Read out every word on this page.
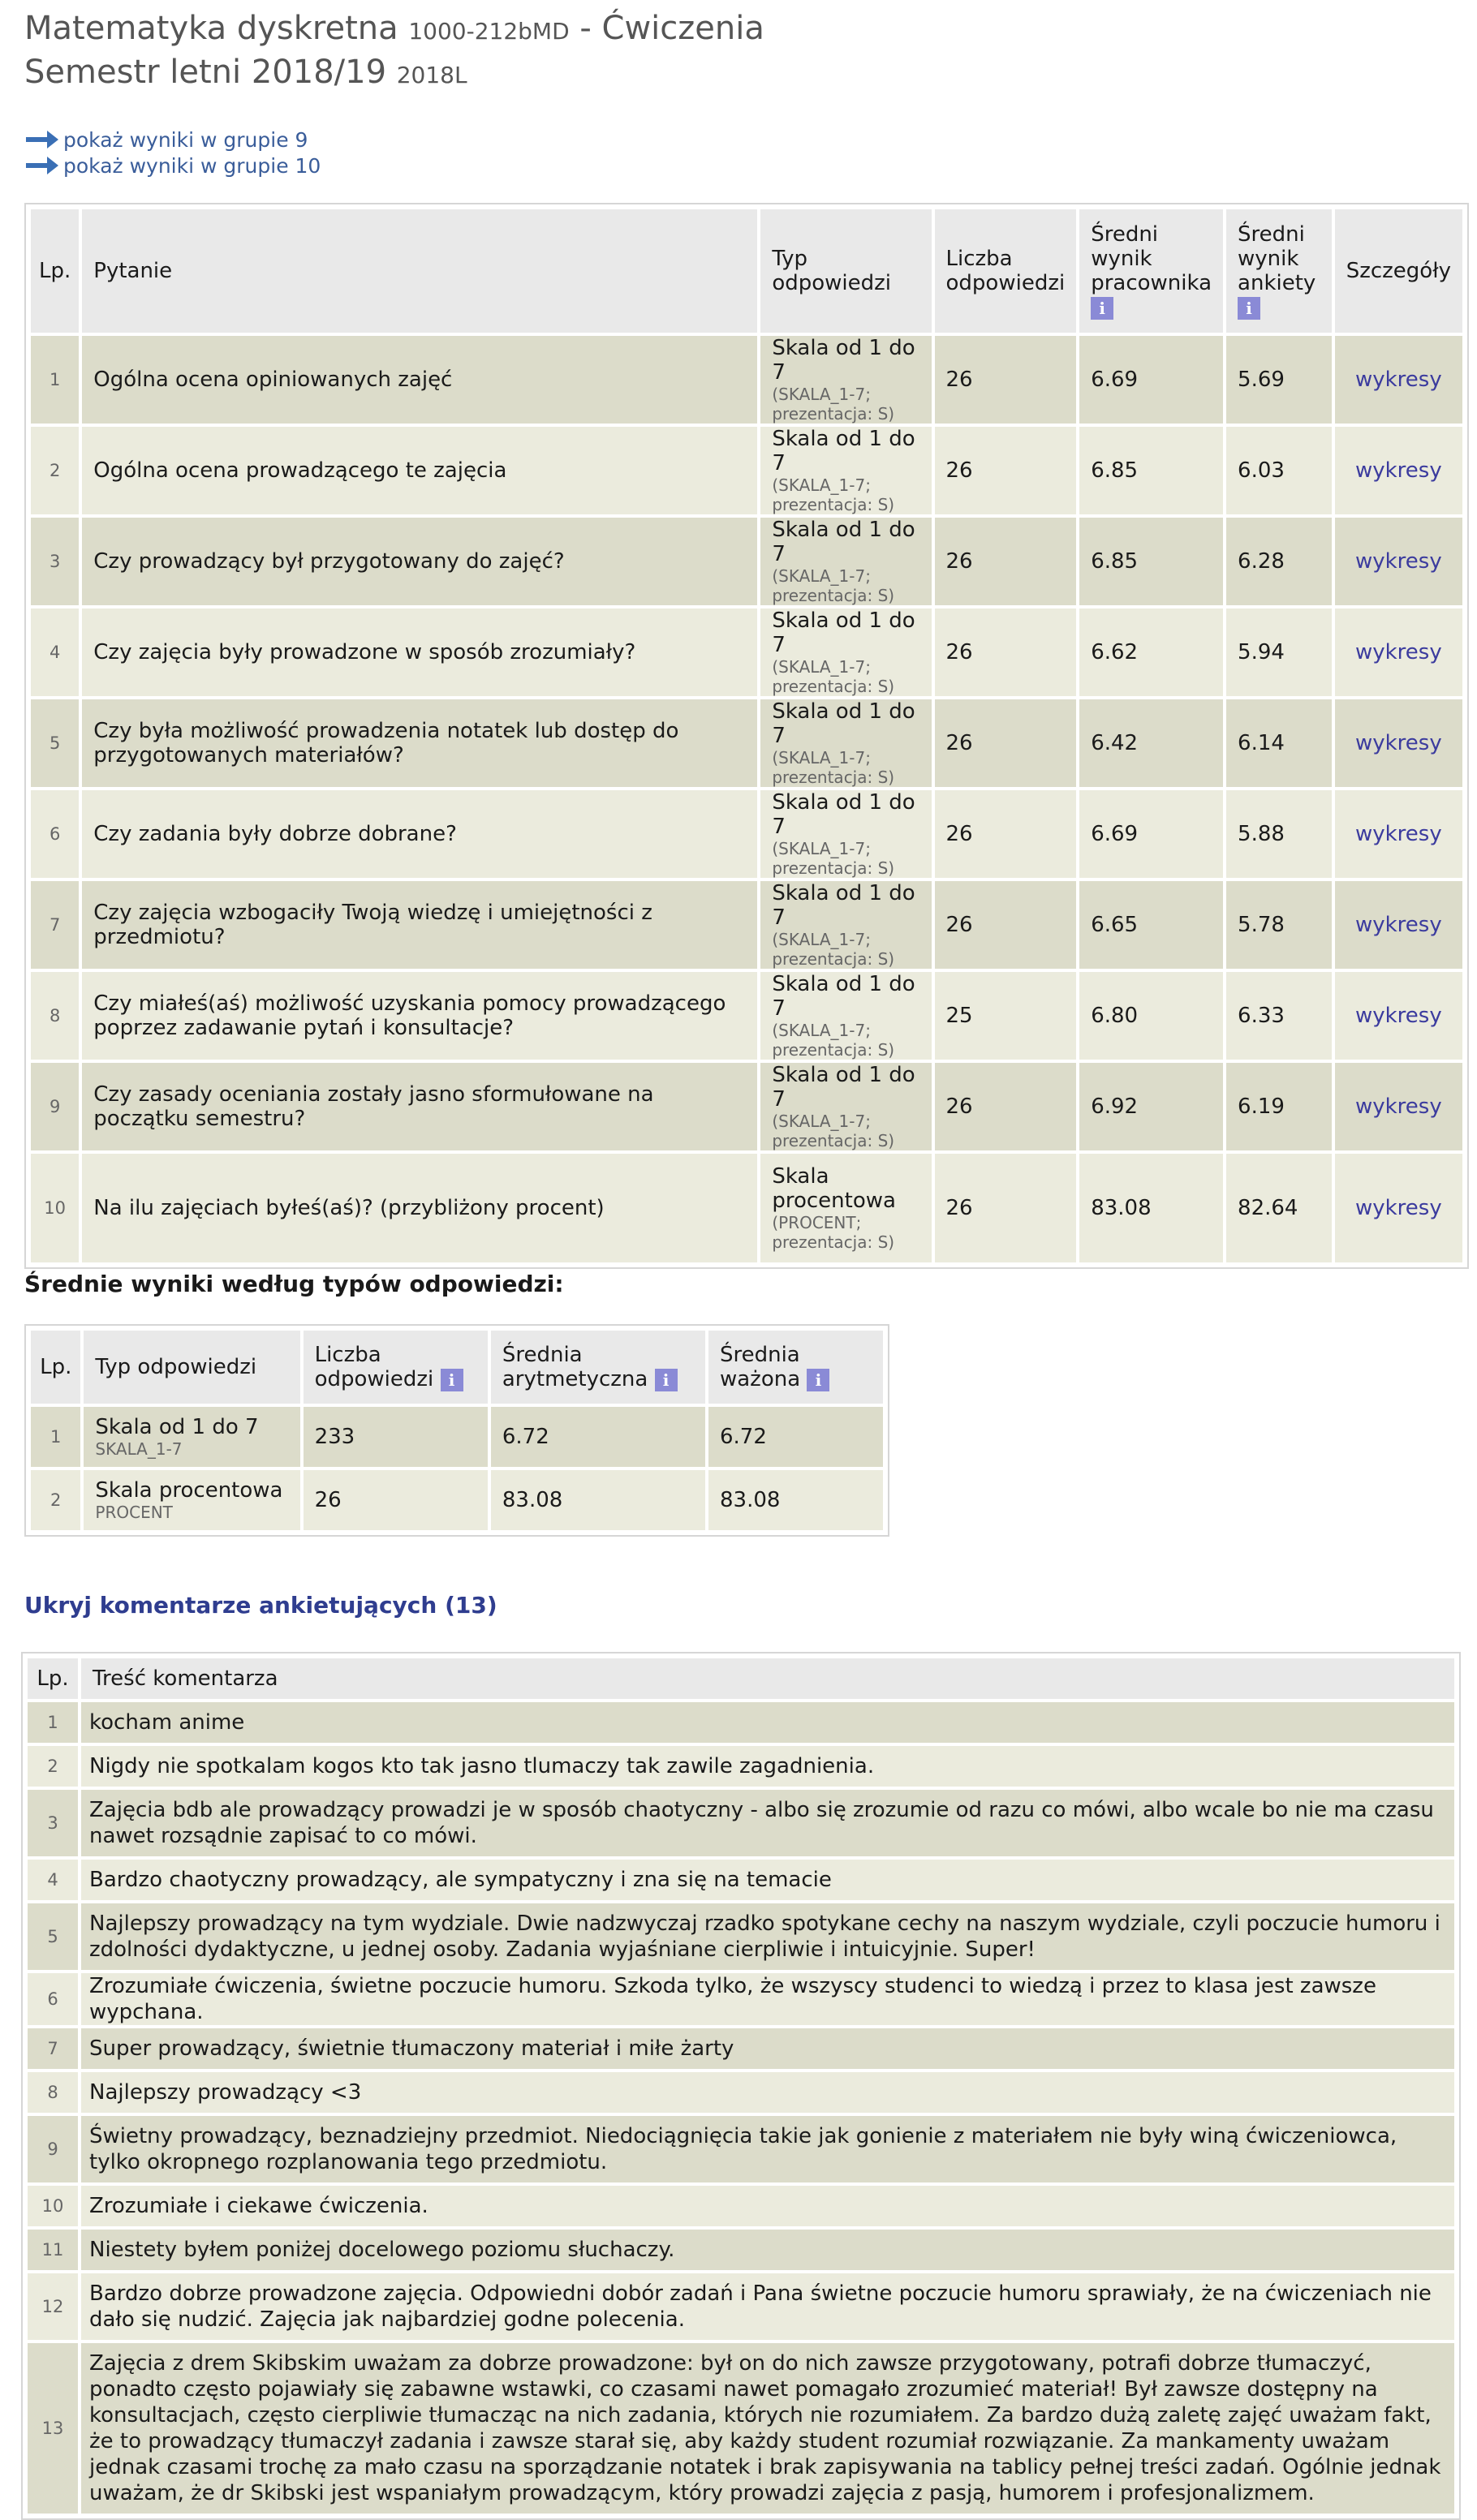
Matematyka dyskretna 1000-212bMD - Ćwiczenia
Semestr letni 2018/19 2018L
pokaż wyniki w grupie 9
pokaż wyniki w grupie 10
Lp.	Pytanie	Typ odpowiedzi	Liczba odpowiedzi	Średni wynik pracownika i	Średni wynik ankiety i	Szczegóły
1	Ogólna ocena opiniowanych zajęć	Skala od 1 do 7
(SKALA_1-7; prezentacja: S)	26	6.69	5.69	wykresy
2	Ogólna ocena prowadzącego te zajęcia	Skala od 1 do 7
(SKALA_1-7; prezentacja: S)	26	6.85	6.03	wykresy
3	Czy prowadzący był przygotowany do zajęć?	Skala od 1 do 7
(SKALA_1-7; prezentacja: S)	26	6.85	6.28	wykresy
4	Czy zajęcia były prowadzone w sposób zrozumiały?	Skala od 1 do 7
(SKALA_1-7; prezentacja: S)	26	6.62	5.94	wykresy
5	Czy była możliwość prowadzenia notatek lub dostęp do przygotowanych materiałów?	Skala od 1 do 7
(SKALA_1-7; prezentacja: S)	26	6.42	6.14	wykresy
6	Czy zadania były dobrze dobrane?	Skala od 1 do 7
(SKALA_1-7; prezentacja: S)	26	6.69	5.88	wykresy
7	Czy zajęcia wzbogaciły Twoją wiedzę i umiejętności z przedmiotu?	Skala od 1 do 7
(SKALA_1-7; prezentacja: S)	26	6.65	5.78	wykresy
8	Czy miałeś(aś) możliwość uzyskania pomocy prowadzącego poprzez zadawanie pytań i konsultacje?	Skala od 1 do 7
(SKALA_1-7; prezentacja: S)	25	6.80	6.33	wykresy
9	Czy zasady oceniania zostały jasno sformułowane na początku semestru?	Skala od 1 do 7
(SKALA_1-7; prezentacja: S)	26	6.92	6.19	wykresy
10	Na ilu zajęciach byłeś(aś)? (przybliżony procent)	Skala procentowa
(PROCENT; prezentacja: S)	26	83.08	82.64	wykresy
Średnie wyniki według typów odpowiedzi:
Lp.	Typ odpowiedzi	Liczba odpowiedzi i	Średnia arytmetyczna i	Średnia ważona i
1	Skala od 1 do 7
SKALA_1-7	233	6.72	6.72
2	Skala procentowa
PROCENT	26	83.08	83.08
Ukryj komentarze ankietujących (13)
Lp.	Treść komentarza
1	kocham anime
2	Nigdy nie spotkalam kogos kto tak jasno tlumaczy tak zawile zagadnienia.
3	Zajęcia bdb ale prowadzący prowadzi je w sposób chaotyczny - albo się zrozumie od razu co mówi, albo wcale bo nie ma czasu nawet rozsądnie zapisać to co mówi.
4	Bardzo chaotyczny prowadzący, ale sympatyczny i zna się na temacie
5	Najlepszy prowadzący na tym wydziale. Dwie nadzwyczaj rzadko spotykane cechy na naszym wydziale, czyli poczucie humoru i zdolności dydaktyczne, u jednej osoby. Zadania wyjaśniane cierpliwie i intuicyjnie. Super!
6	Zrozumiałe ćwiczenia, świetne poczucie humoru. Szkoda tylko, że wszyscy studenci to wiedzą i przez to klasa jest zawsze wypchana.
7	Super prowadzący, świetnie tłumaczony materiał i miłe żarty
8	Najlepszy prowadzący <3
9	Świetny prowadzący, beznadziejny przedmiot. Niedociągnięcia takie jak gonienie z materiałem nie były winą ćwiczeniowca, tylko okropnego rozplanowania tego przedmiotu.
10	Zrozumiałe i ciekawe ćwiczenia.
11	Niestety byłem poniżej docelowego poziomu słuchaczy.
12	Bardzo dobrze prowadzone zajęcia. Odpowiedni dobór zadań i Pana świetne poczucie humoru sprawiały, że na ćwiczeniach nie dało się nudzić. Zajęcia jak najbardziej godne polecenia.
13	Zajęcia z drem Skibskim uważam za dobrze prowadzone: był on do nich zawsze przygotowany, potrafi dobrze tłumaczyć, ponadto często pojawiały się zabawne wstawki, co czasami nawet pomagało zrozumieć materiał! Był zawsze dostępny na konsultacjach, często cierpliwie tłumacząc na nich zadania, których nie rozumiałem. Za bardzo dużą zaletę zajęć uważam fakt, że to prowadzący tłumaczył zadania i zawsze starał się, aby każdy student rozumiał rozwiązanie. Za mankamenty uważam jednak czasami trochę za mało czasu na sporządzanie notatek i brak zapisywania na tablicy pełnej treści zadań. Ogólnie jednak uważam, że dr Skibski jest wspaniałym prowadzącym, który prowadzi zajęcia z pasją, humorem i profesjonalizmem.
